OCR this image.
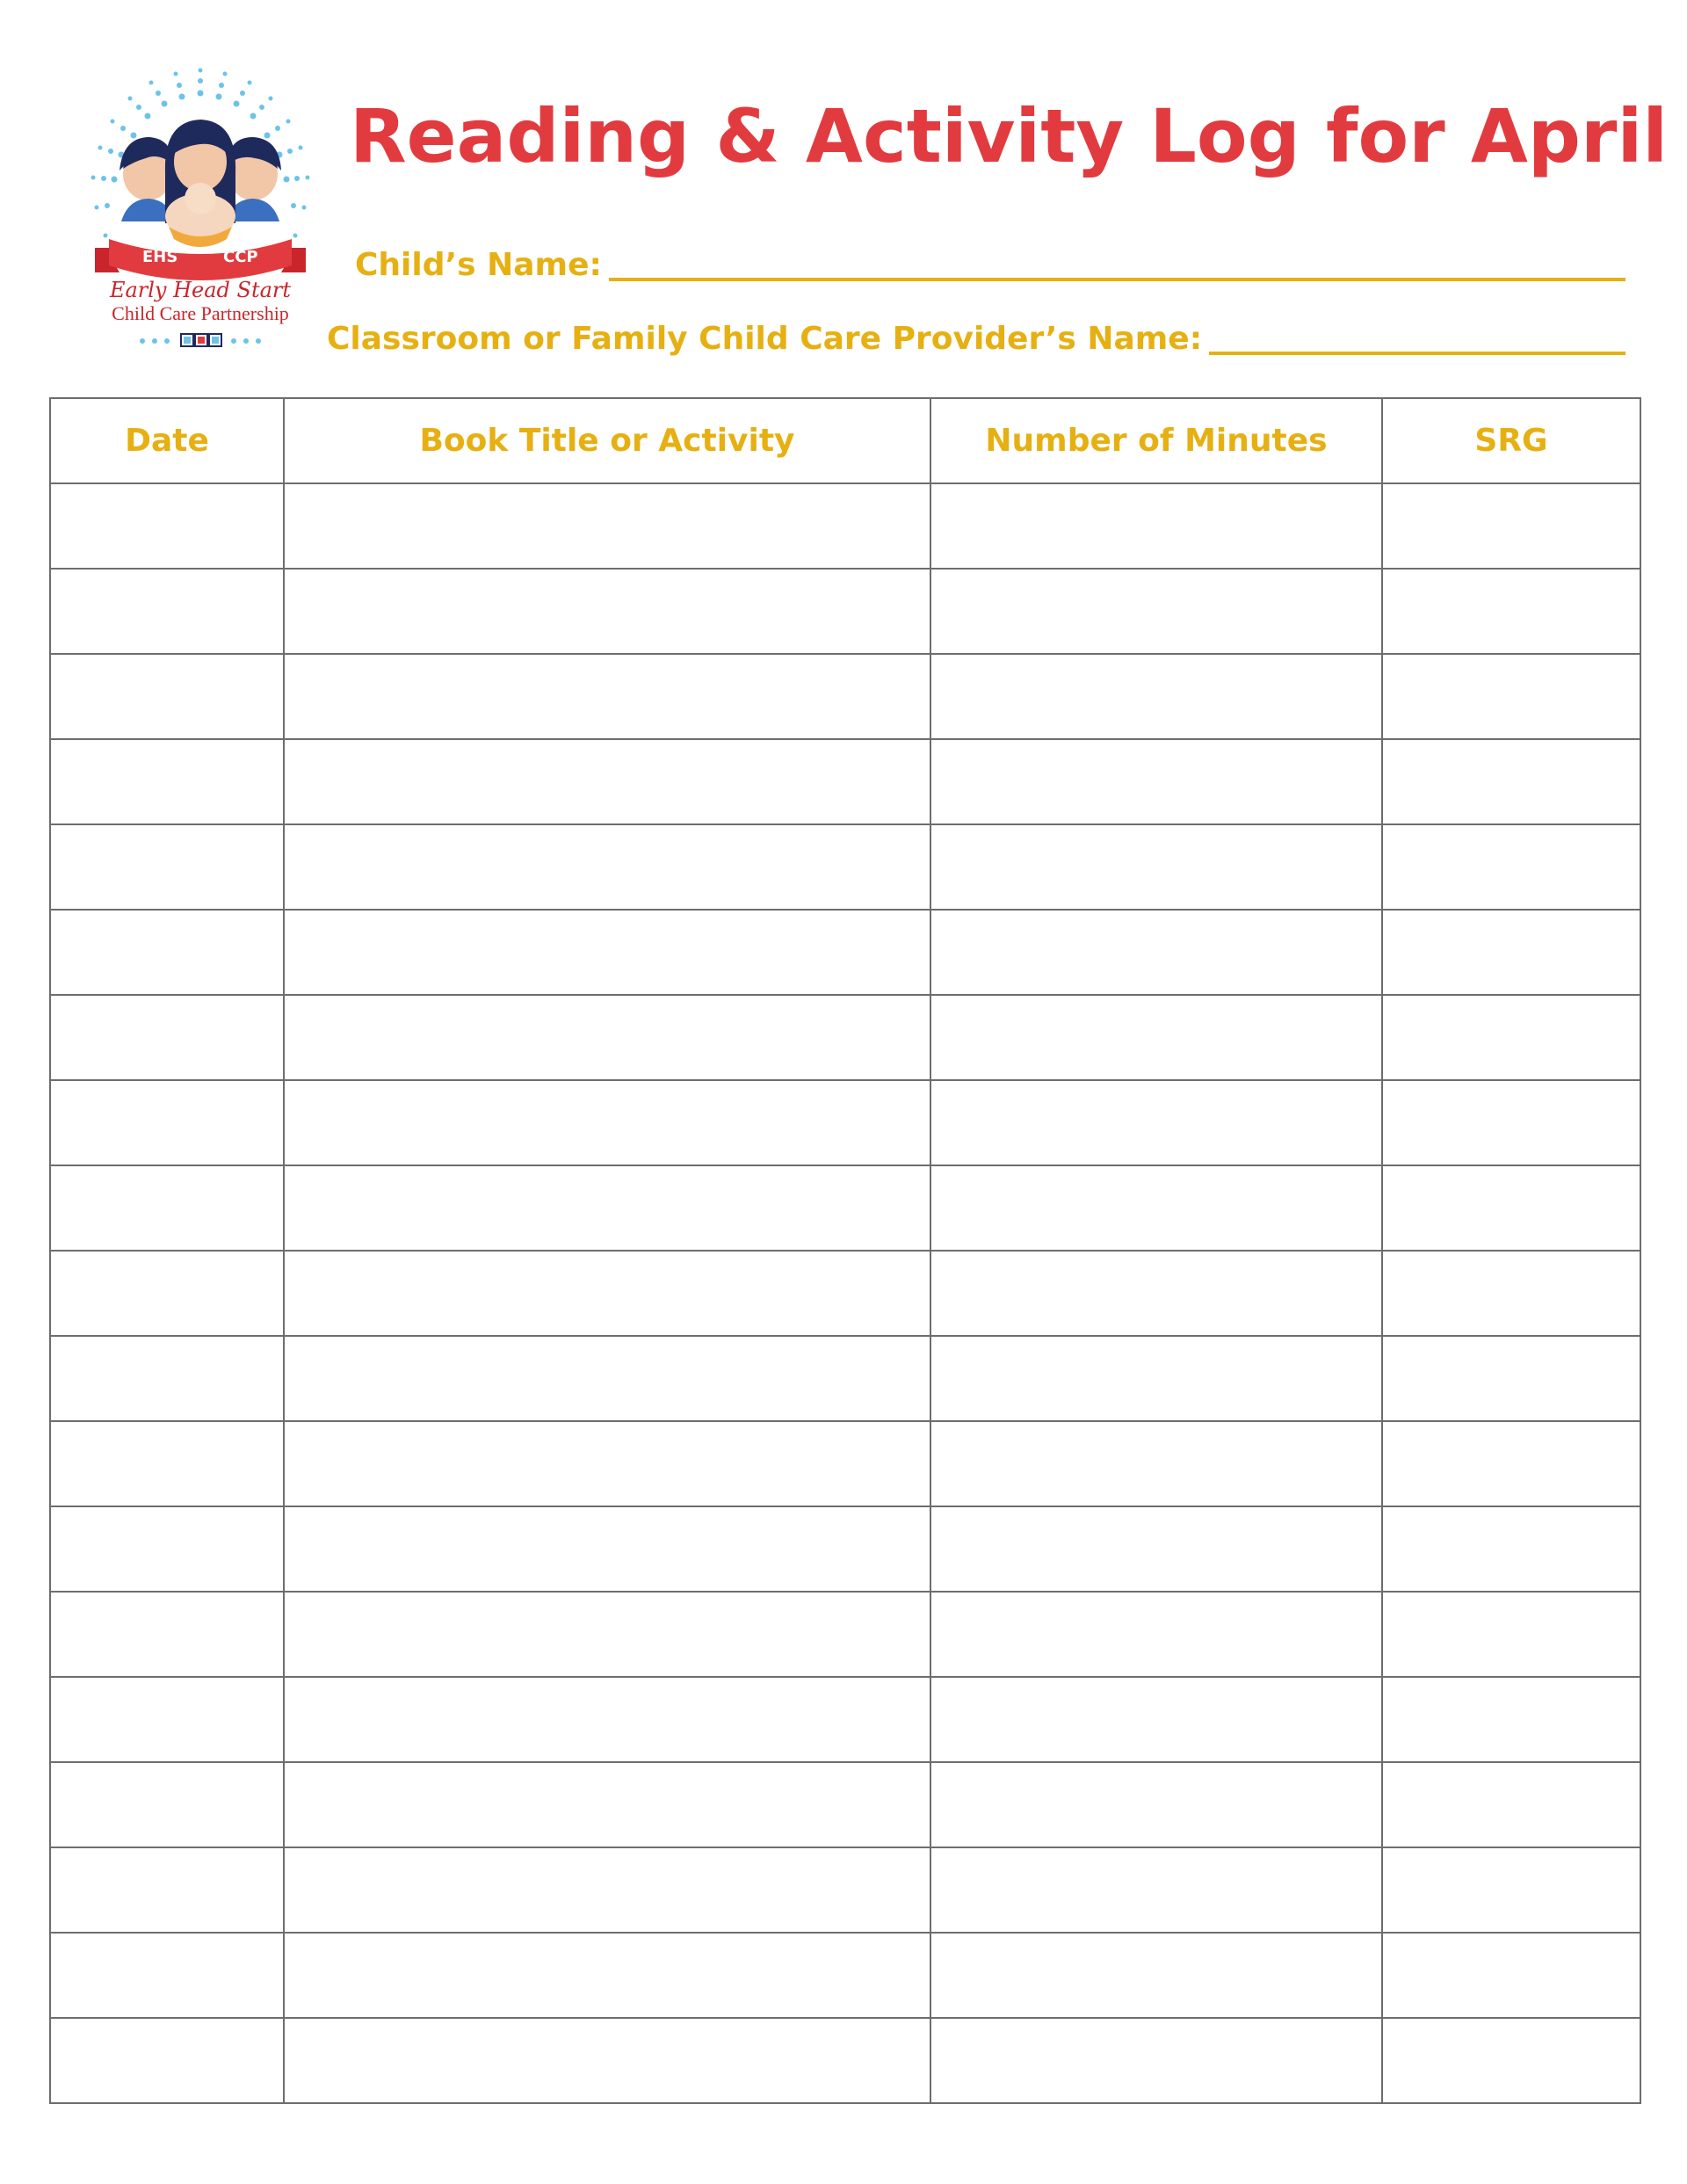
EHS	CCP
Early Head Start
Child Care Partnership
Reading & Activity Log for April
Child’s Name:
Classroom or Family Child Care Provider’s Name:
Date	Book Title or Activity	Number of Minutes	SRG
